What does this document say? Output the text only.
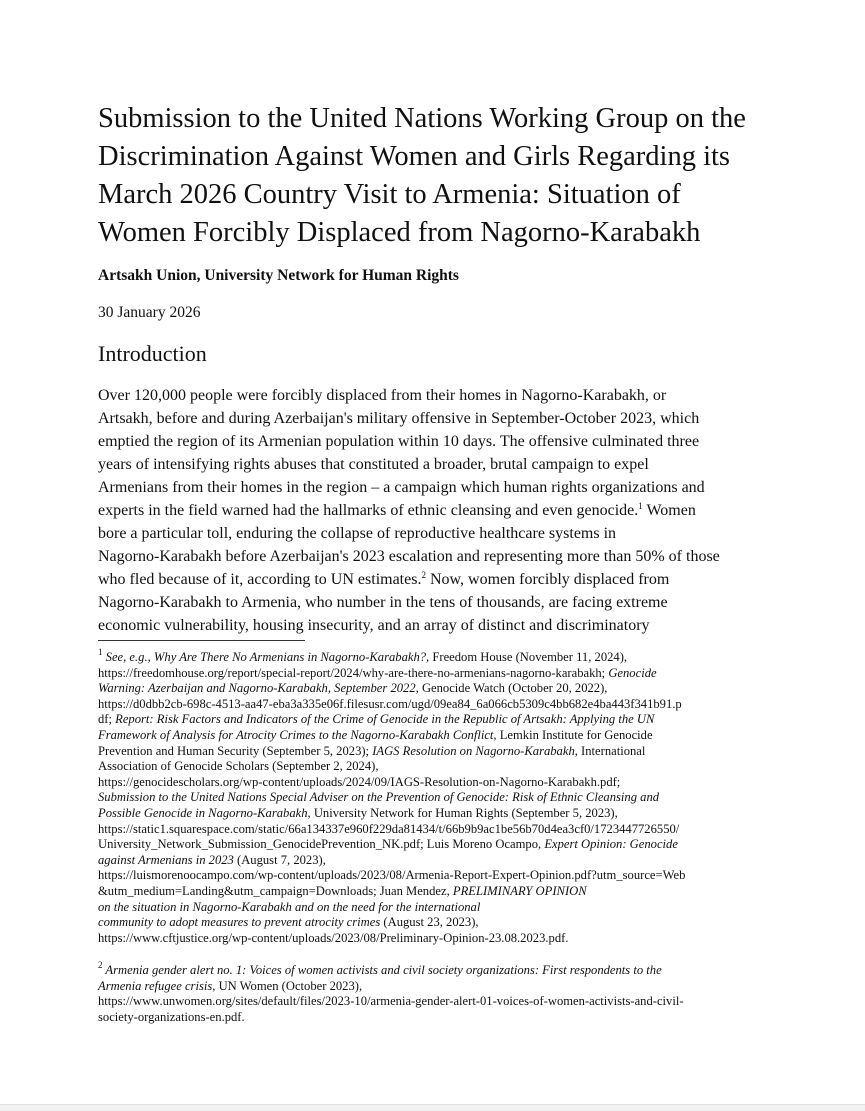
Submission to the United Nations Working Group on the
Discrimination Against Women and Girls Regarding its
March 2026 Country Visit to Armenia: Situation of
Women Forcibly Displaced from Nagorno-Karabakh

Artsakh Union, University Network for Human Rights

30 January 2026

Introduction

Over 120,000 people were forcibly displaced from their homes in Nagorno-Karabakh, or
Artsakh, before and during Azerbaijan's military offensive in September-October 2023, which
emptied the region of its Armenian population within 10 days. The offensive culminated three
years of intensifying rights abuses that constituted a broader, brutal campaign to expel
Armenians from their homes in the region – a campaign which human rights organizations and
experts in the field warned had the hallmarks of ethnic cleansing and even genocide.$^1$ Women
bore a particular toll, enduring the collapse of reproductive healthcare systems in
Nagorno-Karabakh before Azerbaijan's 2023 escalation and representing more than 50% of those
who fled because of it, according to UN estimates.$^2$ Now, women forcibly displaced from
Nagorno-Karabakh to Armenia, who number in the tens of thousands, are facing extreme
economic vulnerability, housing insecurity, and an array of distinct and discriminatory

$^1$ See, e.g., Why Are There No Armenians in Nagorno-Karabakh?, Freedom House (November 11, 2024),
https://freedomhouse.org/report/special-report/2024/why-are-there-no-armenians-nagorno-karabakh; Genocide
Warning: Azerbaijan and Nagorno-Karabakh, September 2022, Genocide Watch (October 20, 2022),
https://d0dbb2cb-698c-4513-aa47-eba3a335e06f.filesusr.com/ugd/09ea84_6a066cb5309c4bb682e4ba443f341b91.p
df; Report: Risk Factors and Indicators of the Crime of Genocide in the Republic of Artsakh: Applying the UN
Framework of Analysis for Atrocity Crimes to the Nagorno-Karabakh Conflict, Lemkin Institute for Genocide
Prevention and Human Security (September 5, 2023); IAGS Resolution on Nagorno-Karabakh, International
Association of Genocide Scholars (September 2, 2024),
https://genocidescholars.org/wp-content/uploads/2024/09/IAGS-Resolution-on-Nagorno-Karabakh.pdf;
Submission to the United Nations Special Adviser on the Prevention of Genocide: Risk of Ethnic Cleansing and
Possible Genocide in Nagorno-Karabakh, University Network for Human Rights (September 5, 2023),
https://static1.squarespace.com/static/66a134337e960f229da81434/t/66b9b9ac1be56b70d4ea3cf0/1723447726550/
University_Network_Submission_GenocidePrevention_NK.pdf; Luis Moreno Ocampo, Expert Opinion: Genocide
against Armenians in 2023 (August 7, 2023),
https://luismorenoocampo.com/wp-content/uploads/2023/08/Armenia-Report-Expert-Opinion.pdf?utm_source=Web
&utm_medium=Landing&utm_campaign=Downloads; Juan Mendez, PRELIMINARY OPINION
on the situation in Nagorno-Karabakh and on the need for the international
community to adopt measures to prevent atrocity crimes (August 23, 2023),
https://www.cftjustice.org/wp-content/uploads/2023/08/Preliminary-Opinion-23.08.2023.pdf.
$^2$ Armenia gender alert no. 1: Voices of women activists and civil society organizations: First respondents to the
Armenia refugee crisis, UN Women (October 2023),
https://www.unwomen.org/sites/default/files/2023-10/armenia-gender-alert-01-voices-of-women-activists-and-civil-
society-organizations-en.pdf.
